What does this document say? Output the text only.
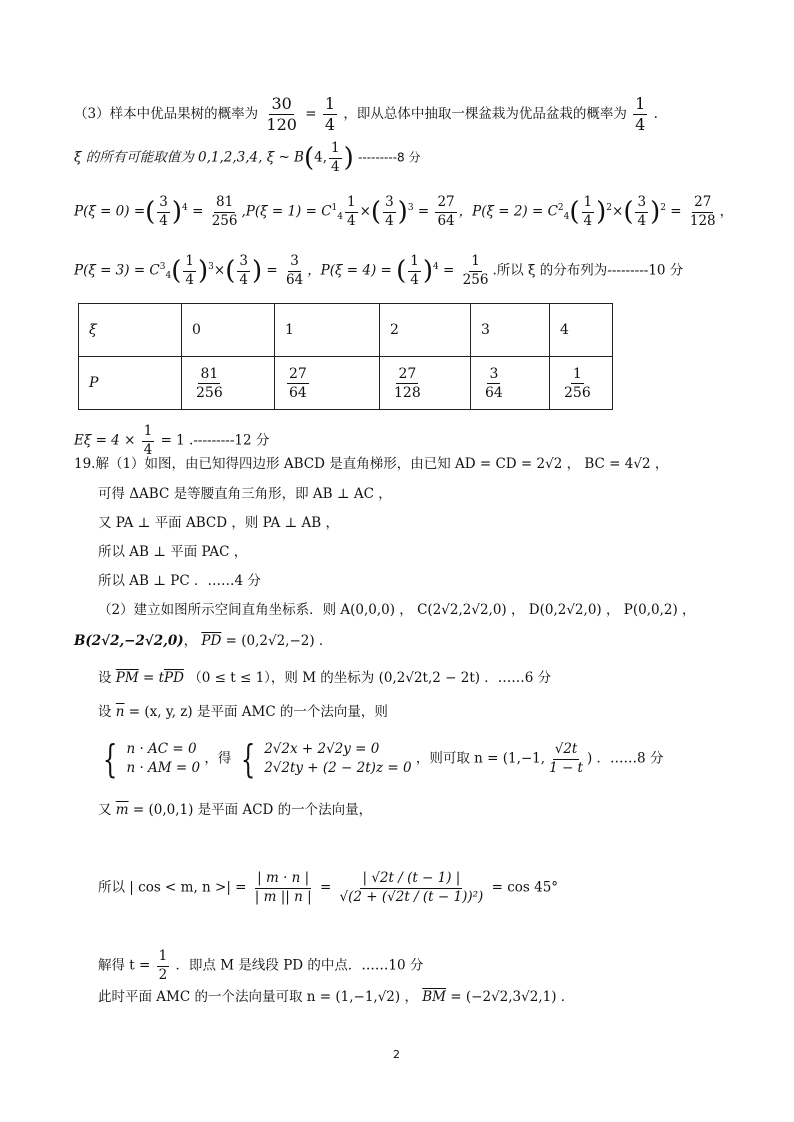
（3）样本中优品果树的概率为 $\frac{30}{120} = \frac{1}{4}$ ，即从总体中抽取一棵盆栽为优品盆栽的概率为 $\frac{1}{4}$ .
ξ 的所有可能取值为 0,1,2,3,4, ξ ~ B(4, $\frac{1}{4}$ ) ---------8 分
P(ξ = 0) =( $\frac{3}{4} )^4 = \frac{81}{256} ,P(\xi = 1) = C^1_4 \frac{1}{4}$ ×( $\frac{3}{4} )^3 = \frac{27}{64}$ ，$P(\xi = 2) = C^2_4( \frac{1}{4} )^2\times( \frac{3}{4} )^2 = \frac{27}{128}$ ，
$P(\xi = 3) = C^3_4( \frac{1}{4} )^3\times( \frac{3}{4}$ ) = $\frac{3}{64}$ ，P(ξ = 4) = ( $\frac{1}{4} )^4 = \frac{1}{256}$ .所以 ξ 的分布列为---------10 分
ξ	0	1	2	3	4
P	$\frac{81}{256}$	$\frac{27}{64}$	$\frac{27}{128}$	$\frac{3}{64}$	$\frac{1}{256}$
$E\xi = 4 \times \frac{1}{4} = 1$ .---------12 分
19.解（1）如图，由已知得四边形 ABCD 是直角梯形，由已知 AD = CD = 2√2 ， BC = 4√2 ，
可得 ΔABC 是等腰直角三角形，即 AB ⊥ AC ，
又 PA ⊥ 平面 ABCD ，则 PA ⊥ AB ，
所以 AB ⊥ 平面 PAC ，
所以 AB ⊥ PC ．……4 分
（2）建立如图所示空间直角坐标系．则 A(0,0,0) ， C(2√2,2√2,0) ， D(0,2√2,0) ， P(0,0,2) ，
B(2√2,−2√2,0)， $\overline{PD} = (0,2√2,-2)$ ．
设 $\overline{PM} = t\overline{PD}$ （0 ≤ t ≤ 1），则 M 的坐标为 (0,2√2t,2 − 2t) ．……6 分
设 $\overline{n} = (x$, y, z) 是平面 AMC 的一个法向量，则
{ n · AC = 0
n · AM = 0
，得 { 2√2x + 2√2y = 0
2√2ty + (2 − 2t)z = 0
，则可取 n = (1,−1, $\frac{√2t}{1 - t}$ ) ．……8 分
又 $\overline{m} = (0,0,1)$ 是平面 ACD 的一个法向量，
所以 | cos < m, n >| = $\frac{| m \cdot n |}{| m || n |} = \frac{| √2t / (t - 1) |}{\text{√(2 + (√2t / (t − 1))²)}} = \cos 45^\circ$
解得 $t = \frac{1}{2}$ ．即点 M 是线段 PD 的中点．……10 分
此时平面 AMC 的一个法向量可取 n = (1,−1,√2) ， $\overline{BM} = (-2√2,3√2,1)$ ．
2
